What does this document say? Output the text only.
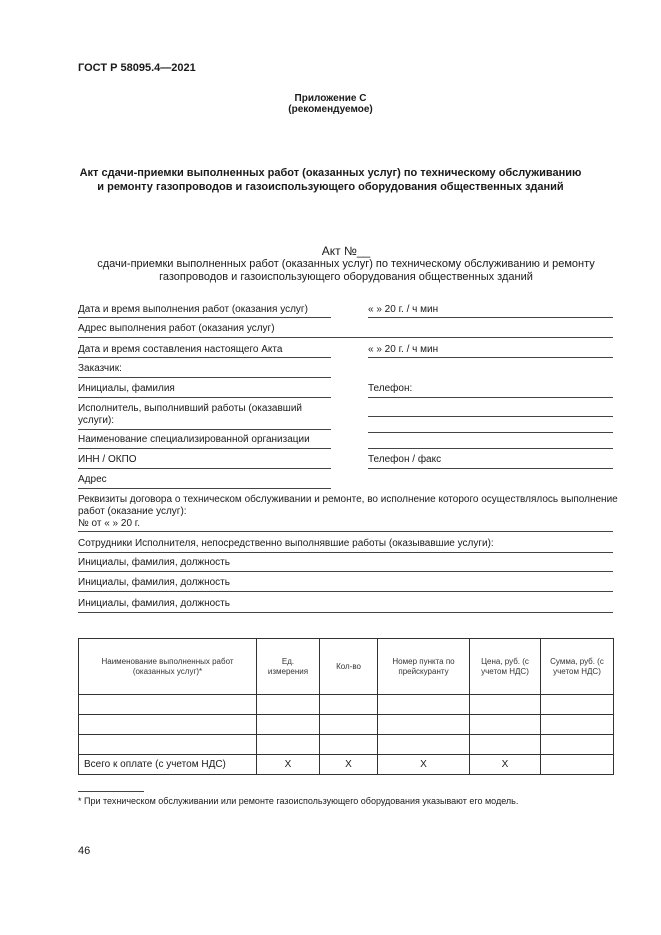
ГОСТ Р 58095.4—2021
Приложение С
(рекомендуемое)
Акт сдачи-приемки выполненных работ (оказанных услуг) по техническому обслуживанию
и ремонту газопроводов и газоиспользующего оборудования общественных зданий
Акт №__
сдачи-приемки выполненных работ (оказанных услуг) по техническому обслуживанию и ремонту
газопроводов и газоиспользующего оборудования общественных зданий
Дата и время выполнения работ (оказания услуг)	« » 20 г. / ч мин
Адрес выполнения работ (оказания услуг)
Дата и время составления настоящего Акта	« » 20 г. / ч мин
Заказчик:
Инициалы, фамилия	Телефон:
Исполнитель, выполнивший работы (оказавший
услуги):
Наименование специализированной организации
ИНН / ОКПО	Телефон / факс
Адрес
Реквизиты договора о техническом обслуживании и ремонте, во исполнение которого осуществлялось выполнение
работ (оказание услуг):
№ от « » 20 г.
Сотрудники Исполнителя, непосредственно выполнявшие работы (оказывавшие услуги):
Инициалы, фамилия, должность
Инициалы, фамилия, должность
Инициалы, фамилия, должность
Наименование выполненных работ (оказанных услуг)*	Ед. измерения	Кол-во	Номер пункта по прейскуранту	Цена, руб. (с учетом НДС)	Сумма, руб. (с учетом НДС)

Всего к оплате (с учетом НДС)	X	X	X	X	
* При техническом обслуживании или ремонте газоиспользующего оборудования указывают его модель.
46
